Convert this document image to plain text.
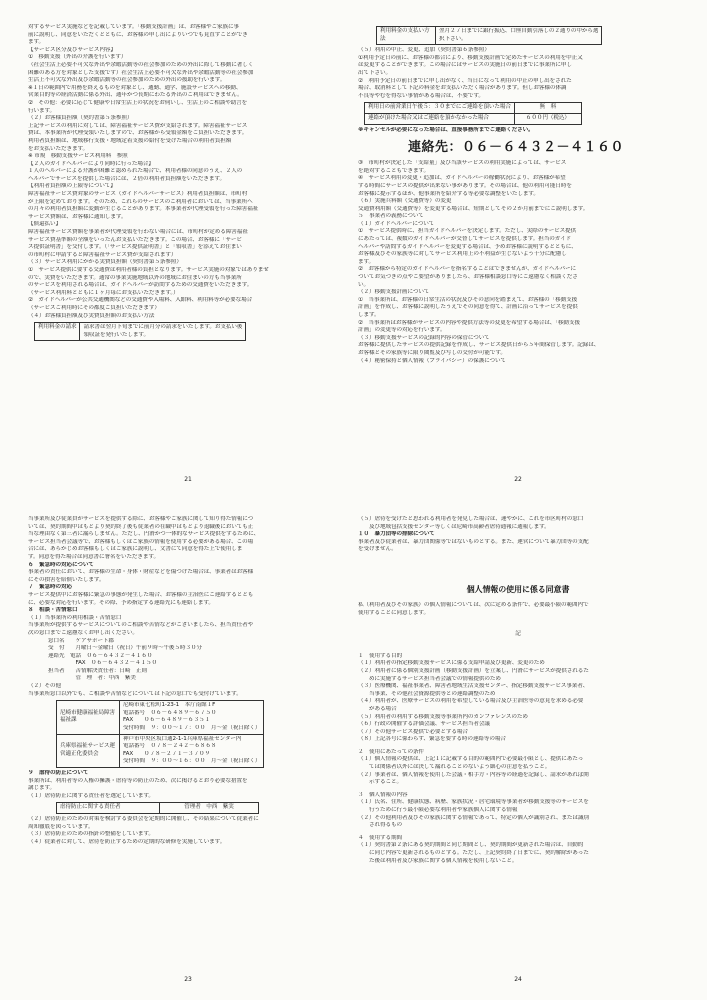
対するサービス実施などを記載しています。「移動支援計画」は、お客様やご家族に事
前に説明し、同意をいただくとともに、お客様の申し出によりいつでも見直すことができ
ます。
【サービス区分及びサービス内容】
①　移動支援（外出の介護を行います）
（社会生活上必要不可欠な外出や余暇活動等の社会参加のための外出に際して移動に著しく
困難のある方を対象とした支援です）社会生活上必要不可欠な外出や余暇活動等の社会参加
生活上不可欠な外出及び余暇活動等の社会参加のための外出の援助を行います。
※１日の範囲内で用務を終えるものを対象とし、通勤、通学、施設サービスへの移動、
営業目的等の経済活動に係る外出、通年かつ長期にわたる外出のご利用はできません。
②　その他：必要に応じて健康や日常生活上の状況をお伺いし、生活上のご相談や助言を
行います。
（２）お客様負担額（契約書第５条参照）
上記サービスの利用に対しては、障害福祉サービス費が支給されます。障害福祉サービス
費は、本事業所が代理受領いたしますので、お客様から受領金額をご負担いただきます。
利用者負担額は、地域移行支援・地域定着支援の給付を受けた場合の利用者負担額
をお支払いただきます。
※ 市規　移動支援サービス利用料　参照
【２人のガイドヘルパーにより同時に行った場合】
１人のヘルパーによる介護が困難と認められた場合で、利用者様の同意のうえ、２人の
ヘルパーでサービスを提供した場合には、２倍の利用者負担額をいただきます。
【利用者負担額の上限等について】
障害福祉サービス費対象のサービス（ガイドヘルパーサービス）利用者負担額は、市町村
が上限を定めております。そのため、これらのサービスのご利用者においては、当事業所へ
の月々の利用者負担額に変動が生じることがあります。本事業者が代理受領を行った障害福祉
サービス費額は、お客様に通知します。
【償還払い】
障害福祉サービス費額を事業者が代理受領を行わない場合には、市町村が定める障害福祉
サービス費基準額の全額をいったんお支払いただきます。この場合、お客様に「サービ
ス提供証明書」を交付します。（「サービス提供証明書」と「領収書」を添えてお住まい
の市町村に申請すると障害福祉サービス費が支給されます）
（３）サービス利用にかかる実費負担額（契約書第５条参照）
①　サービス提供に要する交通費は利用者様の負担となります。サービス実施の対象ではありませ
ので、実費をいただきます。通常の事業実施地域以外の地域にお住まいの方も当事業所
のサービスを利用される場合は、ガイドヘルパーが訪問するための交通費をいただきます。
（サービス利用料とともに１ヶ月毎にお支払いただきます。）
②　ガイドヘルパーが公共交通機関などの交通費や入場料、入館料、利用料等が必要な場合
（サービスご利用時にその都度ご負担いただきます）
（４）お客様負担額及び実費負担額のお支払い方法
利用料金の請求	請求書は翌月下旬までに前月分の請求をいたします。お支払い後
領収証を発行いたします。
21
利用料金の支払い方法	
翌月２７日までに銀行振込、口座自動引落しの２通りの中から選
択下さい。
（５）利用の中止、変更、追加（契約書第６条参照）
①利用予定日の前に、お客様の都合により、移動支援計画で定めたサービスの利用を中止又
は変更することができます。この場合にはサービスの実施日の前日までに事業所に申し
出て下さい。
②　利用予定日の前日までに申し出がなく、当日になって利用の中止の申し出をされた
場合、取消料として下記の料金をお支払いただく場合があります。但しお客様の体調
不良等やむを得ない事情がある場合は、不要です。
利用日の前営業日午後５：３０までにご連絡を頂いた場合	無　料
連絡が頂けた場合又はご連絡を頂かなかった場合	６００円（税込）
※キャンセルが必要になった場合は、直接事務所までご連絡ください。
連絡先：０６－６４３２－４１６０
③　市町村が決定した「支給量」及び当該サービスの利用実施によっては、サービス
を絶対することもできます。
④　サービス利用の変更・追加は、ガイドヘルパーの稼働状況により、お客様が希望
する時間にサービスの提供が出来ない事があります。その場合は、他の利用可能日時を
お客様に提示するほか、他事業所を紹介する等必要な調整をいたします。
（６）実施兵料額（交通費等）の変更
交通費利用額（交通費等）を変更する場合は、短期としてその２か月前までにご説明します。
５　事業者の義務について
（１）ガイドヘルパーについて
①　サービス提供時に、担当ガイドヘルパーを決定します。ただし、実際のサービス提供
にあたっては、複数のガイドヘルパーが交替してサービスを提供します。担当のガイド
ヘルパーや訪問するガイドヘルパーを変更する場合は、予めお客様に説明するとともに、
お客様及びその家族等に対してサービス利用上の不利益が生じないよう十分に配慮し
ます。
②　お客様から特定のガイドヘルパーを指名することはできませんが、ガイドヘルパーに
ついてお気づきの点やご要望がありましたら、お客様相談窓口等にご遠慮なく相談くださ
い。
（２）移動支援計画について
①　当事業所は、お客様の日常生活の状況及びその意向を踏まえて、お客様の「移動支援
計画」を作成し、お客様に説明したうえでその同意を得て、計画に沿ってサービスを提供
します。
②　当事業所はお客様がサービスの内容や提供方法等の変更を希望する場合は、「移動支援
計画」の変更等の対応を行います。
（３）移動支援サービスの記録的内容の保管について
お客様に提供したサービスの提供記録を作成し、サービス提供日から５年間保管します。記録は、
お客様とその家族等に限り閲覧及び写しの交付が可能です。
（４）秘密保持と個人情報（プライバシー）の保護について
22
当事業所及び従業員がサービスを提供する際に、お客様やご家族に関して知り得た情報につ
いては、契約期間中はもとより契約終了後も従業者の在職中はもとより退職後においても正
当な理由なく第三者に漏らしません。ただし、円滑かつ一体的なサービス提供をするために、
サービス担当者会議等で、お客様もしくはご家族の情報を使用する必要がある場合、この場
合には、あらかじめお客様もしくはご家族に説明し、文書にて同意を得た上で使用しま
す。同意を得た場合は同意書に署名をいただきます。
６　緊急時の対応について
事業者の責任において、お客様の生命・身体・財産などを傷つけた場合は、事業者はお客様
にその損害を賠償いたします。
７　緊急時の対応
サービス提供中にお客様に緊急の事態が発生した場合、お客様の主治医にご連絡するととも
に、必要な対応を行います。その際、予め指定する連絡先にも連絡します。
８　相談・苦情窓口
（１）当事業所の利用相談・苦情窓口
当事業所が提供するサービスについてのご相談や苦情などがございましたら、担当責任者や
次の窓口までご遠慮なくお申し出ください。
窓口名　　ケアサポート郡
受　付　　月曜日～金曜日（祝日）午前９時～午後５時３０分
連絡先　電話　０６－６４３２－４１６０
　　　　　FAX　０６－６４３２－４１５０
担当者　　苦情解決責任者：日崎　正則
　　　　　管　理　者：中西　紫美
（２）その他
当事業所窓口以外でも、ご相談や苦情などについては下記の窓口でも受付けています。
尼崎市健康福祉局障害福祉課	尼崎市東七松町1-23-1　本庁南館１F
電話番号　０６－６４８９－６７５０
FAX　　０６－６４８９－６３５１
受付時間　９：００～１７：００　月～金（祝日除く）

兵庫県福祉サービス運営適正化委員会	神戸市中央区坂口通2-1-1兵庫県福祉センター内
電話番号　０７８－２４２－６８６８
FAX　　０７８－２７１－３７０９
受付時間　９：００～１６：００　月～金（祝日除く）
９　虐待の防止について
事業所は、利用者等の人権の擁護・虐待等の防止のため、次に掲げるとおり必要な措置を
講じます。
（１）虐待防止に関する責任者を選定しています。
虐待防止に関する責任者	管理者　中西　紫実
（２）虐待防止のための対策を検討する委員会を定期的に開催し、その結果について従業者に
周知徹底を図っています。
（３）虐待防止のための指針の整備をしています。
（４）従業者に対して、虐待を防止するための定期的な研修を実施しています。
23
（５）虐待を受けたと思われる利用者を発見した場合は、速やかに、これを市区町村の窓口
　　及び地域包括支援センター等しくは尼崎市高齢者虐待通報に通報します。
１０　暴力団等の排除について
事業者及び従業者は、暴力団関係等ではないものとする。また、運営について暴力団等の支配
を受けません。
個人情報の使用に係る同意書
私（利用者及びその家族）の個人情報については、次に定める条件で、必要最小限の範囲内で
使用することに同意します。
記
１　使用する目的
（１）利用者の指定移動支援サービスに係る支給申請及び更新、変更のため
（２）利用者に係る個別支援計画（移動支援計画）を立案し、円滑にサービスが提供されるた
　　めに実施するサービス担当者会議での情報提供のため
（３）医療機関、福祉事業者、障害者地域生活支援センター、指定移動支援サービス事業者、
　　当事業、その他社会資源提供等との連絡調整のため
（４）利用者が、医療サービスの利用を希望している場合及び主治医等の意見を求める必要
　　がある場合
（５）利用者の利用する移動支援等事業所内のカンファレンスのため
（６）行政の開催する評価会議、サービス担当者会議
（７）その他サービス提供で必要とする場合
（８）上記各号に係わらず、緊急を要する時の連絡等の場合
２　使用にあたっての条件
（１）個人情報の提供は、上記１に記載する目的の範囲内で必要最小限とし、提供にあたっ
　　ては関係者以外には決して漏れることのないよう細心の注意を払うこと。
（２）事業者は、個人情報を使用した会議・相手方・内容等の経過を記録し、請求があれば開
　　示すること。
３　個人情報の内容
（１）氏名、住所、健康状態、病歴、家族状況・居宅環境等事業者が移動支援等のサービスを
　　行うために行う最小限必要な利用者や家族個人に関する情報
（２）その他利用者及びその家族に関する情報であって、特定の個人が識別され、または識別
　　され得るもの
４　使用する期間
（１）契約書第２条にある契約期間と同じ期間とし、契約期間が更新された場合は、自動的
　　に同じ内容で更新されるものとする。ただし、上記契約終了日までに、契約解除があった
　　た後は利用者及び家族に関する個人情報を使用しないこと。
24
